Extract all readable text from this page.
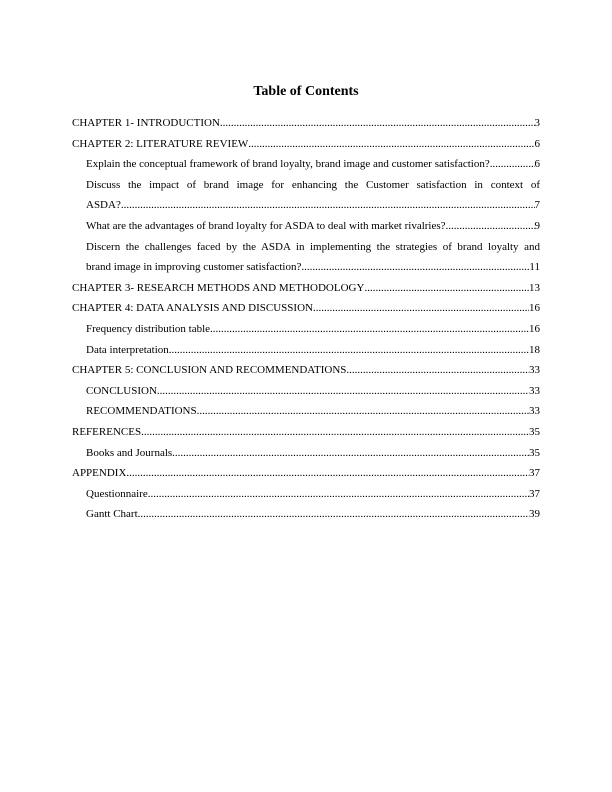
Table of Contents
CHAPTER 1- INTRODUCTION .....	3
CHAPTER 2: LITERATURE REVIEW .....	6
Explain the conceptual framework of brand loyalty, brand image and customer satisfaction? .....	6
Discuss the impact of brand image for enhancing the Customer satisfaction in context of
ASDA? .....	7
What are the advantages of brand loyalty for ASDA to deal with market rivalries? .....	9
Discern the challenges faced by the ASDA in implementing the strategies of brand loyalty and
brand image in improving customer satisfaction? .....	11
CHAPTER 3- RESEARCH METHODS AND METHODOLOGY .....	13
CHAPTER 4: DATA ANALYSIS AND DISCUSSION .....	16
Frequency distribution table .....	16
Data interpretation .....	18
CHAPTER 5: CONCLUSION AND RECOMMENDATIONS .....	33
CONCLUSION .....	33
RECOMMENDATIONS .....	33
REFERENCES .....	35
Books and Journals .....	35
APPENDIX .....	37
Questionnaire .....	37
Gantt Chart .....	39
